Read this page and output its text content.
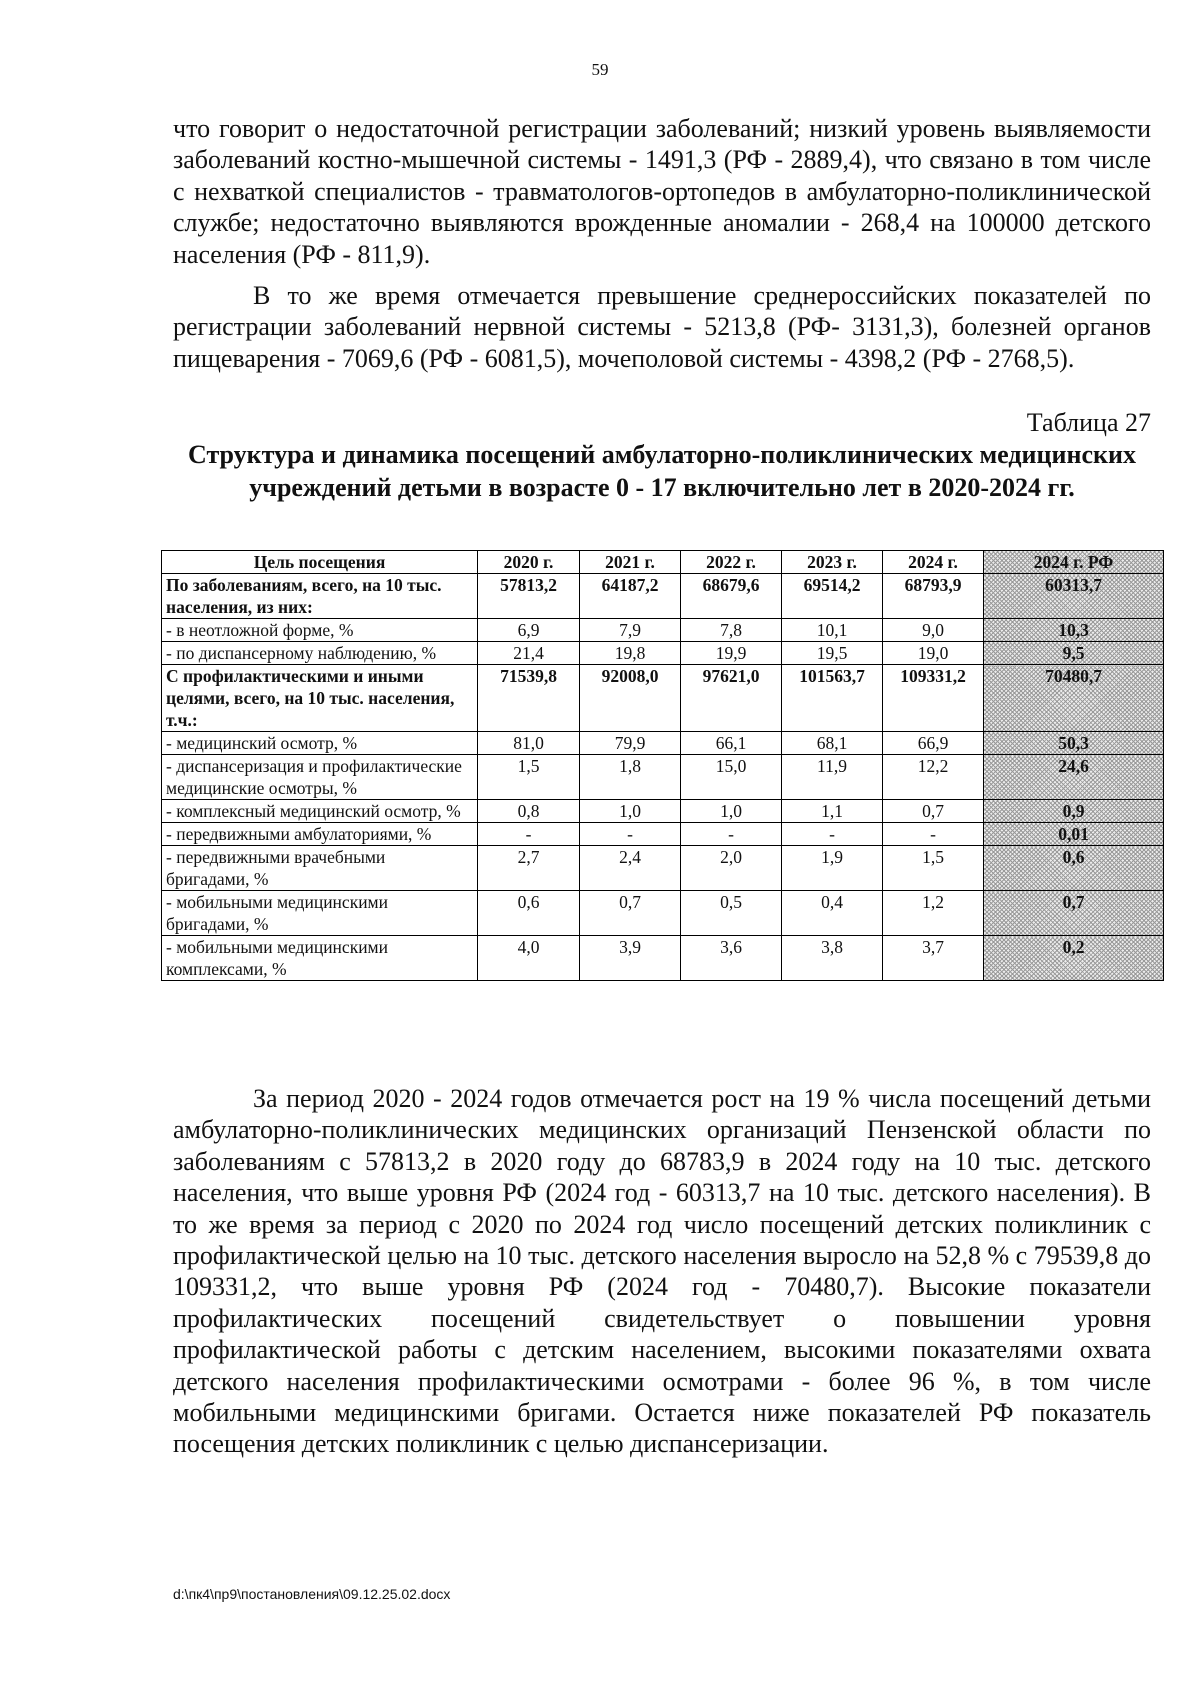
59

что говорит о недостаточной регистрации заболеваний; низкий уровень выявляемости заболеваний костно-мышечной системы - 1491,3 (РФ - 2889,4), что связано в том числе с нехваткой специалистов - травматологов-ортопедов в амбулаторно-поликлинической службе; недостаточно выявляются врожденные аномалии - 268,4 на 100000 детского населения (РФ - 811,9).

В то же время отмечается превышение среднероссийских показателей по регистрации заболеваний нервной системы - 5213,8 (РФ- 3131,3), болезней органов пищеварения - 7069,6 (РФ - 6081,5), мочеполовой системы - 4398,2 (РФ - 2768,5).

Таблица 27

Структура и динамика посещений амбулаторно-поликлинических медицинских учреждений детьми в возрасте 0 - 17 включительно лет в 2020-2024 гг.

Цель посещения	2020 г.	2021 г.	2022 г.	2023 г.	2024 г.	2024 г. РФ
По заболеваниям, всего, на 10 тыс. населения, из них:	57813,2	64187,2	68679,6	69514,2	68793,9	60313,7
- в неотложной форме, %	6,9	7,9	7,8	10,1	9,0	10,3
- по диспансерному наблюдению, %	21,4	19,8	19,9	19,5	19,0	9,5
С профилактическими и иными целями, всего, на 10 тыс. населения, т.ч.:	71539,8	92008,0	97621,0	101563,7	109331,2	70480,7
- медицинский осмотр, %	81,0	79,9	66,1	68,1	66,9	50,3
- диспансеризация и профилактические медицинские осмотры, %	1,5	1,8	15,0	11,9	12,2	24,6
- комплексный медицинский осмотр, %	0,8	1,0	1,0	1,1	0,7	0,9
- передвижными амбулаториями, %	-	-	-	-	-	0,01
- передвижными врачебными бригадами, %	2,7	2,4	2,0	1,9	1,5	0,6
- мобильными медицинскими бригадами, %	0,6	0,7	0,5	0,4	1,2	0,7
- мобильными медицинскими комплексами, %	4,0	3,9	3,6	3,8	3,7	0,2

За период 2020 - 2024 годов отмечается рост на 19 % числа посещений детьми амбулаторно-поликлинических медицинских организаций Пензенской области по заболеваниям с 57813,2 в 2020 году до 68783,9 в 2024 году на 10 тыс. детского населения, что выше уровня РФ (2024 год - 60313,7 на 10 тыс. детского населения). В то же время за период с 2020 по 2024 год число посещений детских поликлиник с профилактической целью на 10 тыс. детского населения выросло на 52,8 % с 79539,8 до 109331,2, что выше уровня РФ (2024 год - 70480,7). Высокие показатели профилактических посещений свидетельствует о повышении уровня профилактической работы с детским населением, высокими показателями охвата детского населения профилактическими осмотрами - более 96 %, в том числе мобильными медицинскими бригами. Остается ниже показателей РФ показатель посещения детских поликлиник с целью диспансеризации.

d:\пк4\пр9\постановления\09.12.25.02.docx
